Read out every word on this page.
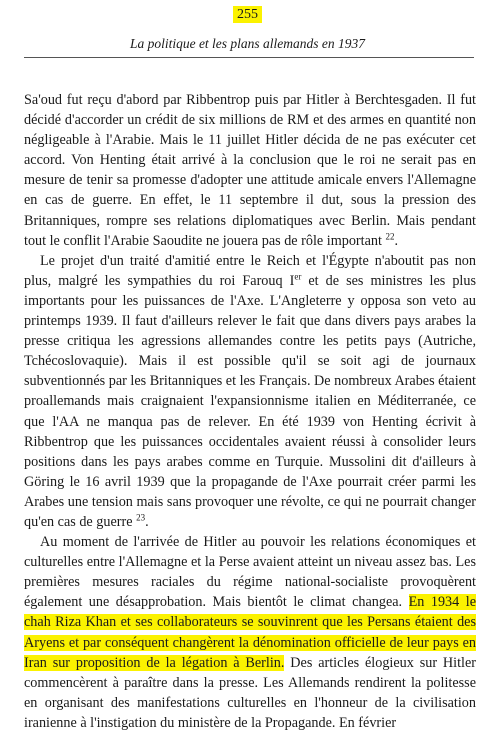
255
La politique et les plans allemands en 1937

Sa'oud fut reçu d'abord par Ribbentrop puis par Hitler à Berchtesgaden. Il fut décidé d'accorder un crédit de six millions de RM et des armes en quantité non négligeable à l'Arabie. Mais le 11 juillet Hitler décida de ne pas exécuter cet accord. Von Henting était arrivé à la conclusion que le roi ne serait pas en mesure de tenir sa promesse d'adopter une attitude amicale envers l'Allemagne en cas de guerre. En effet, le 11 septembre il dut, sous la pression des Britanniques, rompre ses relations diplomatiques avec Berlin. Mais pendant tout le conflit l'Arabie Saoudite ne jouera pas de rôle important $^{22}$.

Le projet d'un traité d'amitié entre le Reich et l'Égypte n'aboutit pas non plus, malgré les sympathies du roi Farouq Ier et de ses ministres les plus importants pour les puissances de l'Axe. L'Angleterre y opposa son veto au printemps 1939. Il faut d'ailleurs relever le fait que dans divers pays arabes la presse critiqua les agressions allemandes contre les petits pays (Autriche, Tchécoslovaquie). Mais il est possible qu'il se soit agi de journaux subventionnés par les Britanniques et les Français. De nombreux Arabes étaient proallemands mais craignaient l'expansionnisme italien en Méditerranée, ce que l'AA ne manqua pas de relever. En été 1939 von Henting écrivit à Ribbentrop que les puissances occidentales avaient réussi à consolider leurs positions dans les pays arabes comme en Turquie. Mussolini dit d'ailleurs à Göring le 16 avril 1939 que la propagande de l'Axe pourrait créer parmi les Arabes une tension mais sans provoquer une révolte, ce qui ne pourrait changer qu'en cas de guerre $^{23}$.

Au moment de l'arrivée de Hitler au pouvoir les relations économiques et culturelles entre l'Allemagne et la Perse avaient atteint un niveau assez bas. Les premières mesures raciales du régime national-socialiste provoquèrent également une désapprobation. Mais bientôt le climat changea. En 1934 le chah Riza Khan et ses collaborateurs se souvinrent que les Persans étaient des Aryens et par conséquent changèrent la dénomination officielle de leur pays en Iran sur proposition de la légation à Berlin. Des articles élogieux sur Hitler commencèrent à paraître dans la presse. Les Allemands rendirent la politesse en organisant des manifestations culturelles en l'honneur de la civilisation iranienne à l'instigation du ministère de la Propagande. En février
